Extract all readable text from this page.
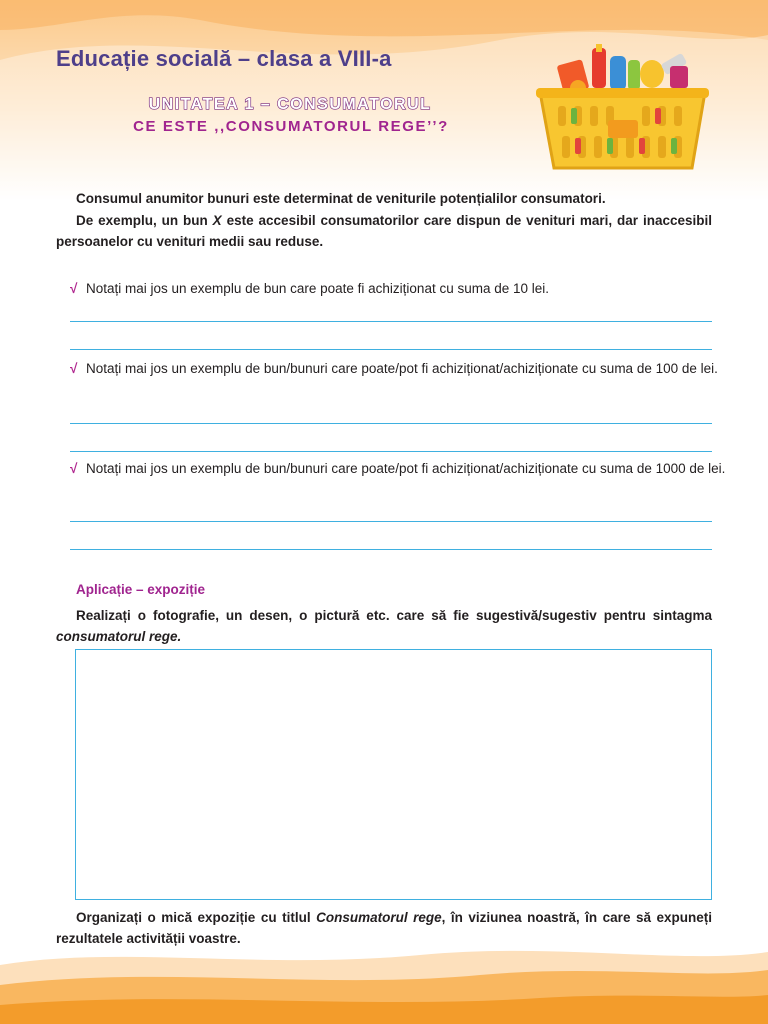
Educație socială – clasa a VIII-a
UNITATEA 1 – CONSUMATORUL
CE ESTE ,,CONSUMATORUL REGE’’?

Consumul anumitor bunuri este determinat de veniturile potențialilor consumatori.

De exemplu, un bun X este accesibil consumatorilor care dispun de venituri mari, dar inaccesibil persoanelor cu venituri medii sau reduse.

√ Notați mai jos un exemplu de bun care poate fi achiziționat cu suma de 10 lei.

√ Notați mai jos un exemplu de bun/bunuri care poate/pot fi achiziționat/achiziționate cu suma de 100 de lei.

√ Notați mai jos un exemplu de bun/bunuri care poate/pot fi achiziționat/achiziționate cu suma de 1000 de lei.

Aplicație – expoziție

Realizați o fotografie, un desen, o pictură etc. care să fie sugestivă/sugestiv pentru sintagma consumatorul rege.

Organizați o mică expoziție cu titlul Consumatorul rege, în viziunea noastră, în care să expuneți rezultatele activității voastre.
